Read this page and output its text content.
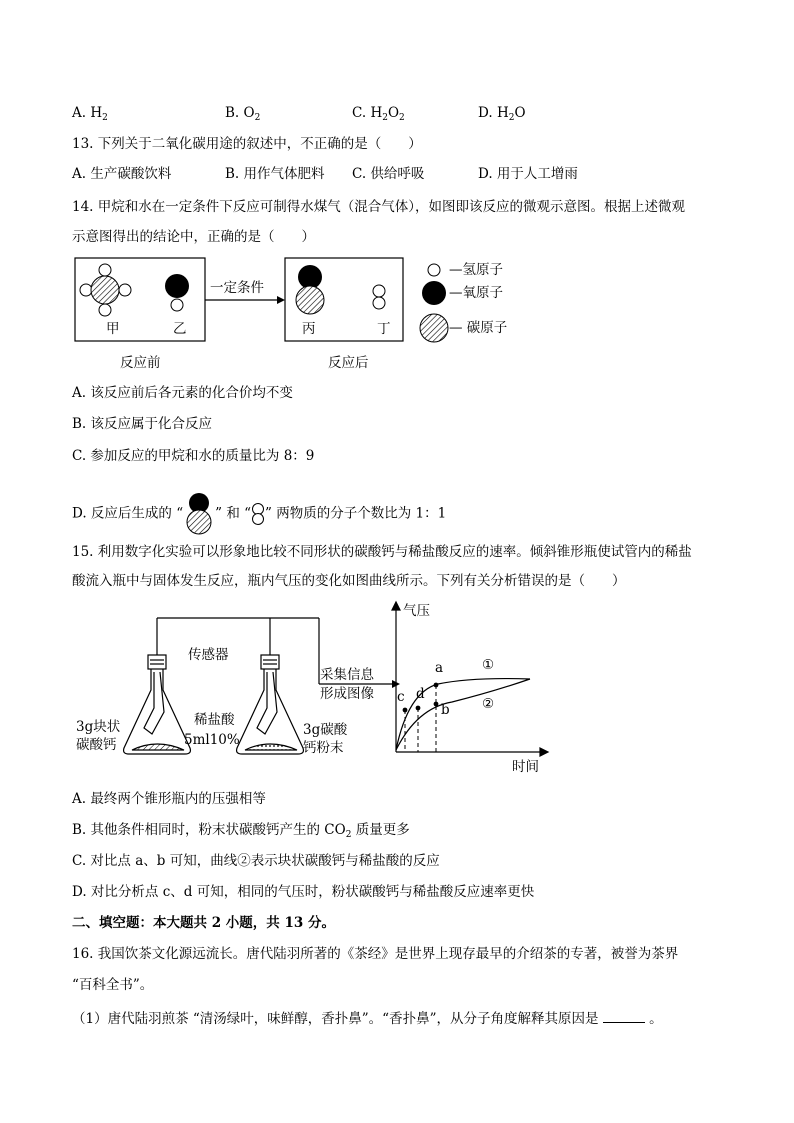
A. $H_2$	B. $O_2$	C. $H_2O_2$	D. $H_2O$
13. 下列关于二氧化碳用途的叙述中，不正确的是（　　）
A. 生产碳酸饮料	B. 用作气体肥料 C. 供给呼吸	D. 用于人工增雨
14. 甲烷和水在一定条件下反应可制得水煤气（混合气体），如图即该反应的微观示意图。根据上述微观
示意图得出的结论中，正确的是（　　）
甲	乙	丙	丁
一定条件
反应前	反应后
—氢原子
—氧原子
— 碳原子
A. 该反应前后各元素的化合价均不变
B. 该反应属于化合反应
C. 参加反应的甲烷和水的质量比为 8：9
D. 反应后生成的 “ ” 和 “ ” 两物质的分子个数比为 1：1
15. 利用数字化实验可以形象地比较不同形状的碳酸钙与稀盐酸反应的速率。倾斜锥形瓶使试管内的稀盐
酸流入瓶中与固体发生反应，瓶内气压的变化如图曲线所示。下列有关分析错误的是（　　）
传感器
采集信息
形成图像
3g块状
碳酸钙
稀盐酸
5ml10%
3g碳酸
钙粉末
气压
时间
a
b
c d
①
②
A. 最终两个锥形瓶内的压强相等
B. 其他条件相同时，粉末状碳酸钙产生的 $CO_2$ 质量更多
C. 对比点 a、b 可知，曲线②表示块状碳酸钙与稀盐酸的反应
D. 对比分析点 c、d 可知，相同的气压时，粉状碳酸钙与稀盐酸反应速率更快
二、填空题：本大题共 2 小题，共 13 分。
16. 我国饮茶文化源远流长。唐代陆羽所著的《茶经》是世界上现存最早的介绍茶的专著，被誉为茶界
“百科全书”。
（1）唐代陆羽煎茶 “清汤绿叶，味鲜醇，香扑鼻”。“香扑鼻”，从分子角度解释其原因是	。
